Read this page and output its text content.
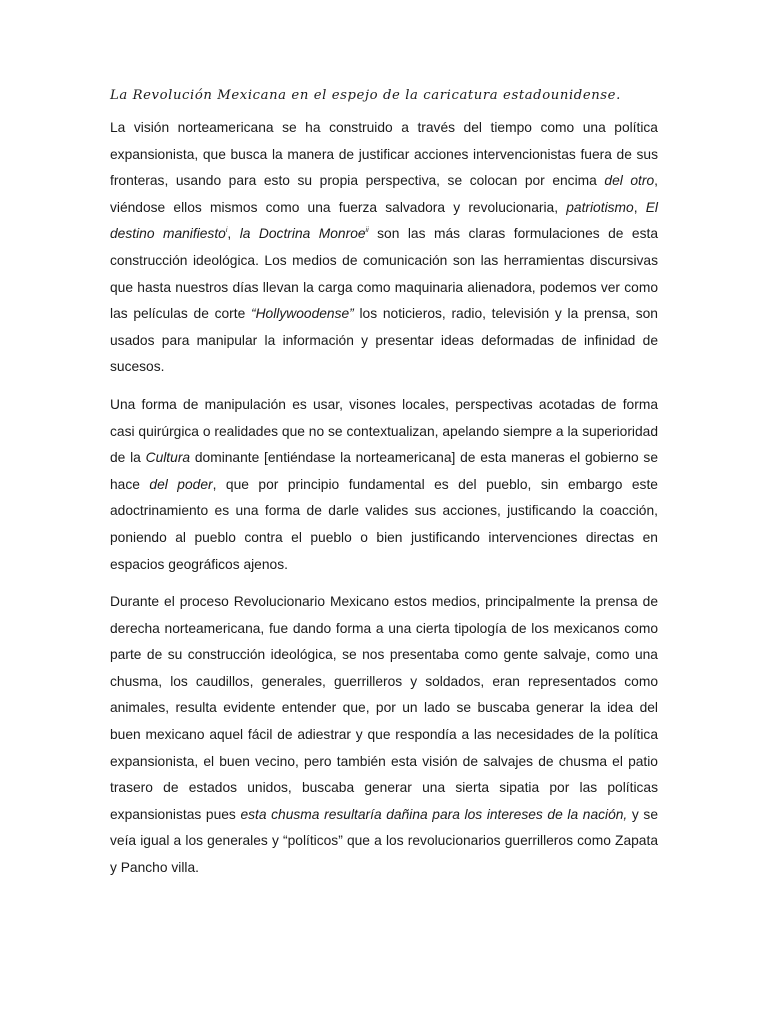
La Revolución Mexicana en el espejo de la caricatura estadounidense.

La visión norteamericana se ha construido a través del tiempo como una política expansionista, que busca la manera de justificar acciones intervencionistas fuera de sus fronteras, usando para esto su propia perspectiva, se colocan por encima del otro, viéndose ellos mismos como una fuerza salvadora y revolucionaria, patriotismo, El destino manifiesto$^i$, la Doctrina Monroe$^{ii}$ son las más claras formulaciones de esta construcción ideológica. Los medios de comunicación son las herramientas discursivas que hasta nuestros días llevan la carga como maquinaria alienadora, podemos ver como las películas de corte “Hollywoodense” los noticieros, radio, televisión y la prensa, son usados para manipular la información y presentar ideas deformadas de infinidad de sucesos.

Una forma de manipulación es usar, visones locales, perspectivas acotadas de forma casi quirúrgica o realidades que no se contextualizan, apelando siempre a la superioridad de la Cultura dominante [entiéndase la norteamericana] de esta maneras el gobierno se hace del poder, que por principio fundamental es del pueblo, sin embargo este adoctrinamiento es una forma de darle valides sus acciones, justificando la coacción, poniendo al pueblo contra el pueblo o bien justificando intervenciones directas en espacios geográficos ajenos.

Durante el proceso Revolucionario Mexicano estos medios, principalmente la prensa de derecha norteamericana, fue dando forma a una cierta tipología de los mexicanos como parte de su construcción ideológica, se nos presentaba como gente salvaje, como una chusma, los caudillos, generales, guerrilleros y soldados, eran representados como animales, resulta evidente entender que, por un lado se buscaba generar la idea del buen mexicano aquel fácil de adiestrar y que respondía a las necesidades de la política expansionista, el buen vecino, pero también esta visión de salvajes de chusma el patio trasero de estados unidos, buscaba generar una sierta sipatia por las políticas expansionistas pues esta chusma resultaría dañina para los intereses de la nación, y se veía igual a los generales y “políticos” que a los revolucionarios guerrilleros como Zapata y Pancho villa.
